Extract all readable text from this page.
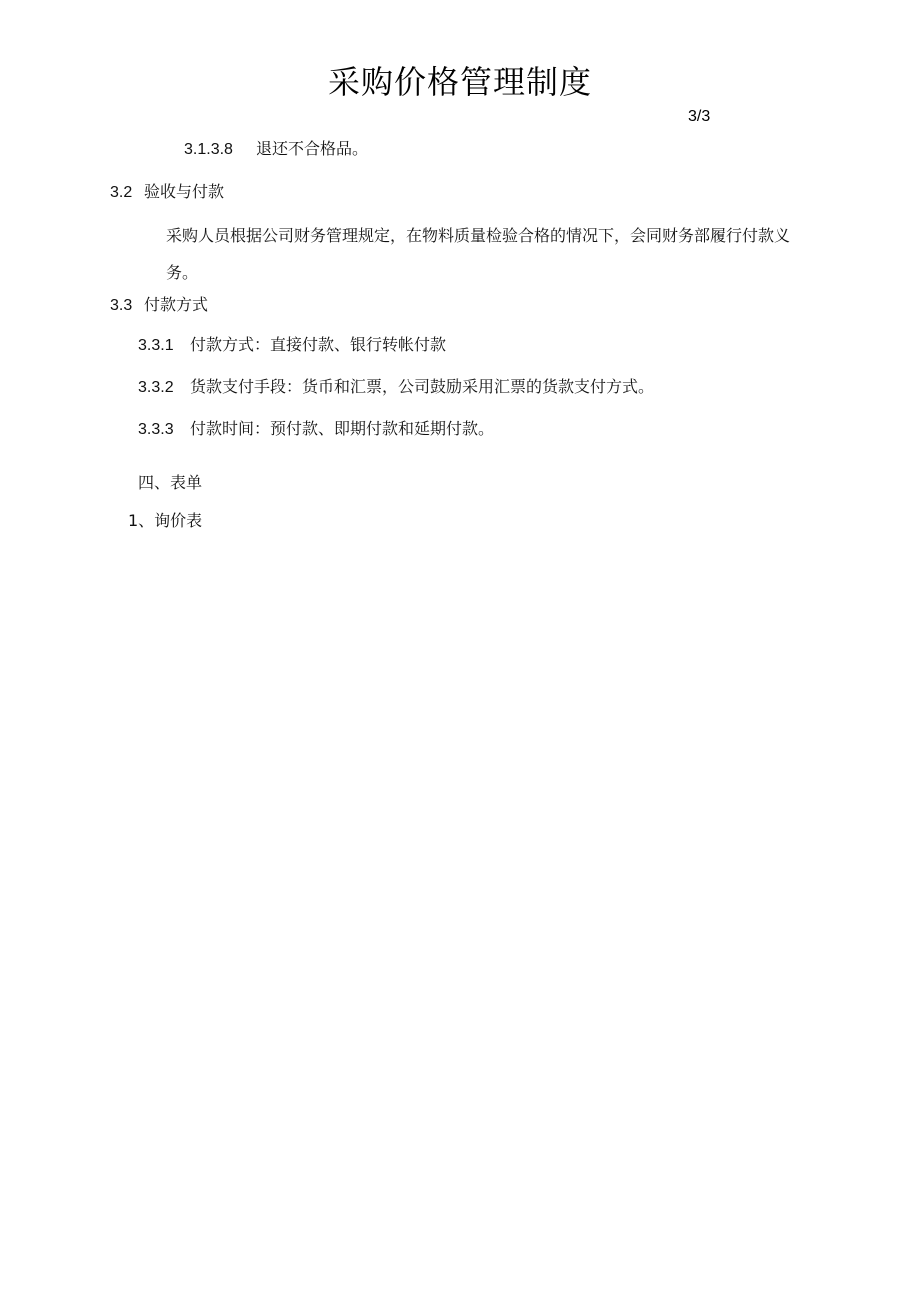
采购价格管理制度
3/3
3.1.3.8 退还不合格品。
3.2 验收与付款
采购人员根据公司财务管理规定，在物料质量检验合格的情况下，会同财务部履行付款义务。
3.3 付款方式
3.3.1 付款方式：直接付款、银行转帐付款
3.3.2 货款支付手段：货币和汇票，公司鼓励采用汇票的货款支付方式。
3.3.3 付款时间：预付款、即期付款和延期付款。
四、表单
1、询价表
